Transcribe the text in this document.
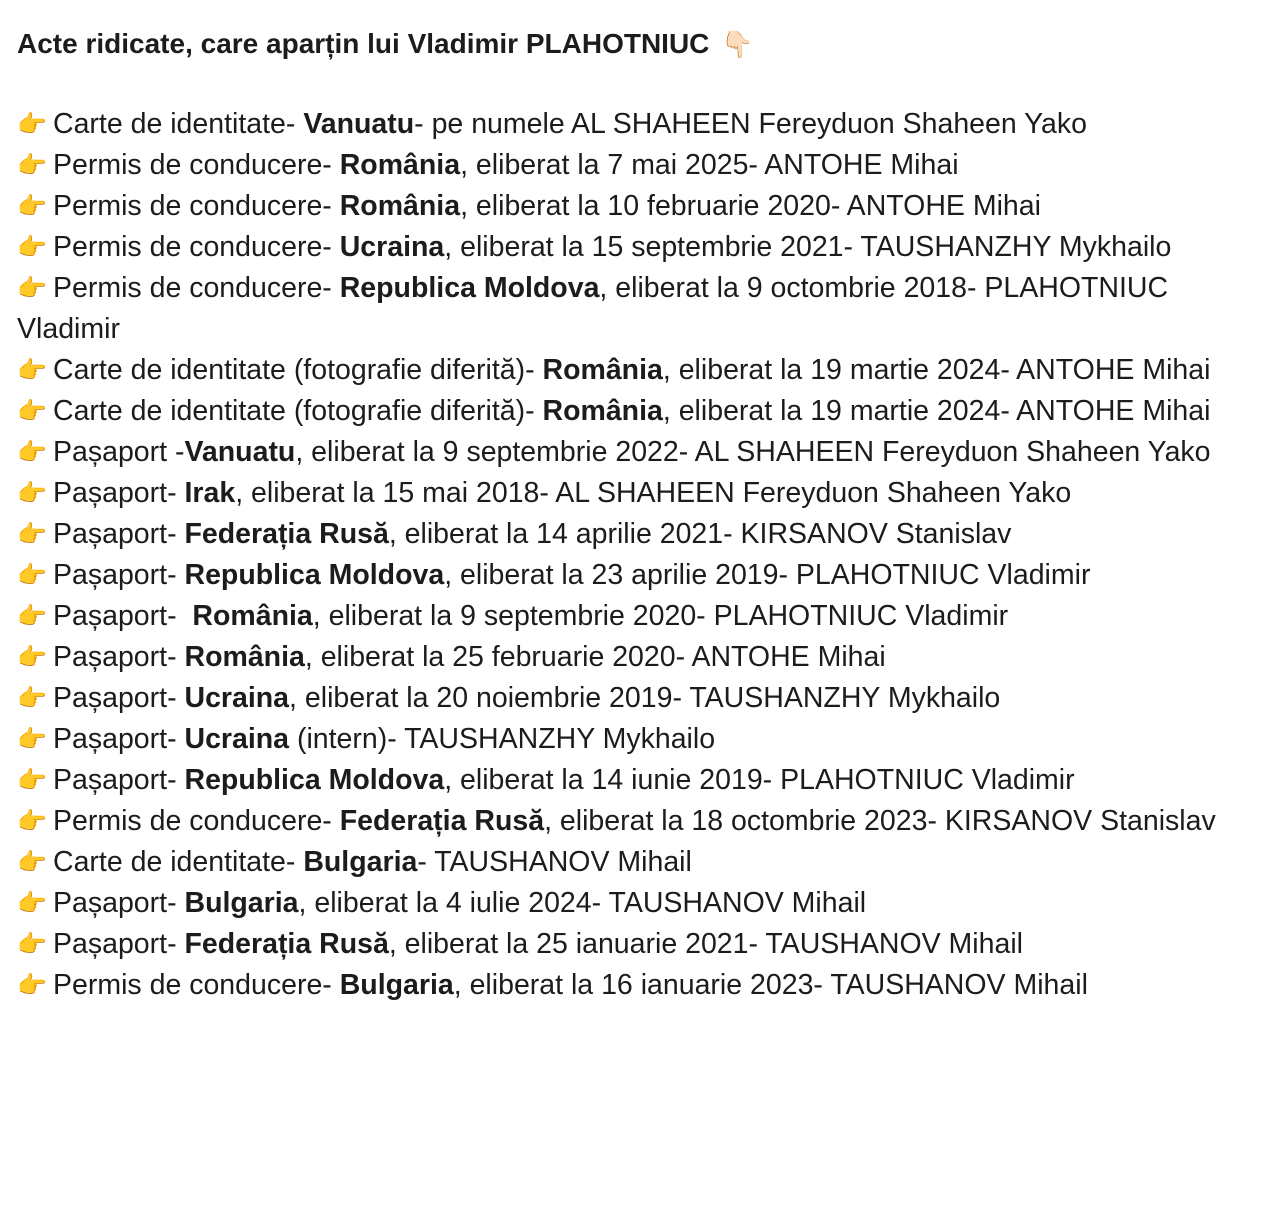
Acte ridicate, care aparțin lui Vladimir PLAHOTNIUC 👇🏻
👉 Carte de identitate- Vanuatu- pe numele AL SHAHEEN Fereyduon Shaheen Yako
👉 Permis de conducere- România, eliberat la 7 mai 2025- ANTOHE Mihai
👉 Permis de conducere- România, eliberat la 10 februarie 2020- ANTOHE Mihai
👉 Permis de conducere- Ucraina, eliberat la 15 septembrie 2021- TAUSHANZHY Mykhailo
👉 Permis de conducere- Republica Moldova, eliberat la 9 octombrie 2018- PLAHOTNIUC Vladimir
👉 Carte de identitate (fotografie diferită)- România, eliberat la 19 martie 2024- ANTOHE Mihai
👉 Carte de identitate (fotografie diferită)- România, eliberat la 19 martie 2024- ANTOHE Mihai
👉 Pașaport -Vanuatu, eliberat la 9 septembrie 2022- AL SHAHEEN Fereyduon Shaheen Yako
👉 Pașaport- Irak, eliberat la 15 mai 2018- AL SHAHEEN Fereyduon Shaheen Yako
👉 Pașaport- Federația Rusă, eliberat la 14 aprilie 2021- KIRSANOV Stanislav
👉 Pașaport- Republica Moldova, eliberat la 23 aprilie 2019- PLAHOTNIUC Vladimir
👉 Pașaport-  România, eliberat la 9 septembrie 2020- PLAHOTNIUC Vladimir
👉 Pașaport- România, eliberat la 25 februarie 2020- ANTOHE Mihai
👉 Pașaport- Ucraina, eliberat la 20 noiembrie 2019- TAUSHANZHY Mykhailo
👉 Pașaport- Ucraina (intern)- TAUSHANZHY Mykhailo
👉 Pașaport- Republica Moldova, eliberat la 14 iunie 2019- PLAHOTNIUC Vladimir
👉 Permis de conducere- Federația Rusă, eliberat la 18 octombrie 2023- KIRSANOV Stanislav
👉 Carte de identitate- Bulgaria- TAUSHANOV Mihail
👉 Pașaport- Bulgaria, eliberat la 4 iulie 2024- TAUSHANOV Mihail
👉 Pașaport- Federația Rusă, eliberat la 25 ianuarie 2021- TAUSHANOV Mihail
👉 Permis de conducere- Bulgaria, eliberat la 16 ianuarie 2023- TAUSHANOV Mihail
